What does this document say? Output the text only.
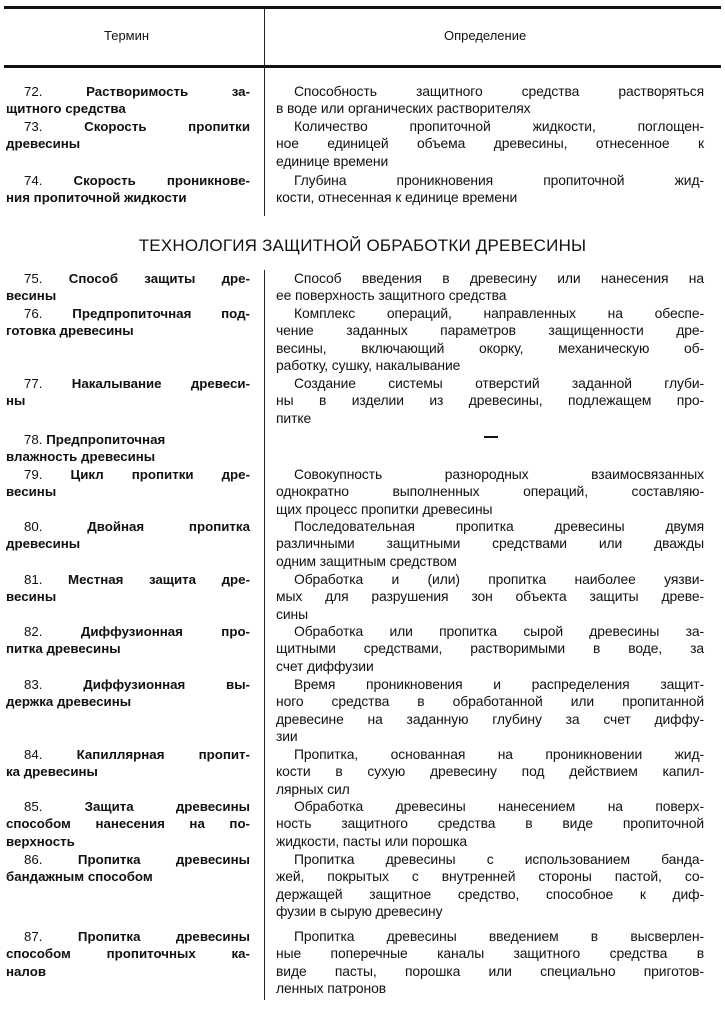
Термин	Определение
ТЕХНОЛОГИЯ ЗАЩИТНОЙ ОБРАБОТКИ ДРЕВЕСИНЫ
72. Растворимость за-
щитного средства
Способность защитного средства растворяться
в воде или органических растворителях
73. Скорость пропитки
древесины
Количество пропиточной жидкости, поглощен-
ное единицей объема древесины, отнесенное к
единице времени
74. Скорость проникнове-
ния пропиточной жидкости
Глубина проникновения пропиточной жид-
кости, отнесенная к единице времени
75. Способ защиты дре-
весины
Способ введения в древесину или нанесения на
ее поверхность защитного средства
76. Предпропиточная под-
готовка древесины
Комплекс операций, направленных на обеспе-
чение заданных параметров защищенности дре-
весины, включающий окорку, механическую об-
работку, сушку, накалывание
77. Накалывание древеси-
ны
Создание системы отверстий заданной глуби-
ны в изделии из древесины, подлежащем про-
питке
78. Предпропиточная
влажность древесины
79. Цикл пропитки дре-
весины
Совокупность разнородных взаимосвязанных
однократно выполненных операций, составляю-
щих процесс пропитки древесины
80. Двойная пропитка
древесины
Последовательная пропитка древесины двумя
различными защитными средствами или дважды
одним защитным средством
81. Местная защита дре-
весины
Обработка и (или) пропитка наиболее уязви-
мых для разрушения зон объекта защиты древе-
сины
82. Диффузионная про-
питка древесины
Обработка или пропитка сырой древесины за-
щитными средствами, растворимыми в воде, за
счет диффузии
83. Диффузионная вы-
держка древесины
Время проникновения и распределения защит-
ного средства в обработанной или пропитанной
древесине на заданную глубину за счет диффу-
зии
84. Капиллярная пропит-
ка древесины
Пропитка, основанная на проникновении жид-
кости в сухую древесину под действием капил-
лярных сил
85. Защита древесины
способом нанесения на по-
верхность
Обработка древесины нанесением на поверх-
ность защитного средства в виде пропиточной
жидкости, пасты или порошка
86. Пропитка древесины
бандажным способом
Пропитка древесины с использованием банда-
жей, покрытых с внутренней стороны пастой, со-
держащей защитное средство, способное к диф-
фузии в сырую древесину
87. Пропитка древесины
способом пропиточных ка-
налов
Пропитка древесины введением в высверлен-
ные поперечные каналы защитного средства в
виде пасты, порошка или специально приготов-
ленных патронов
